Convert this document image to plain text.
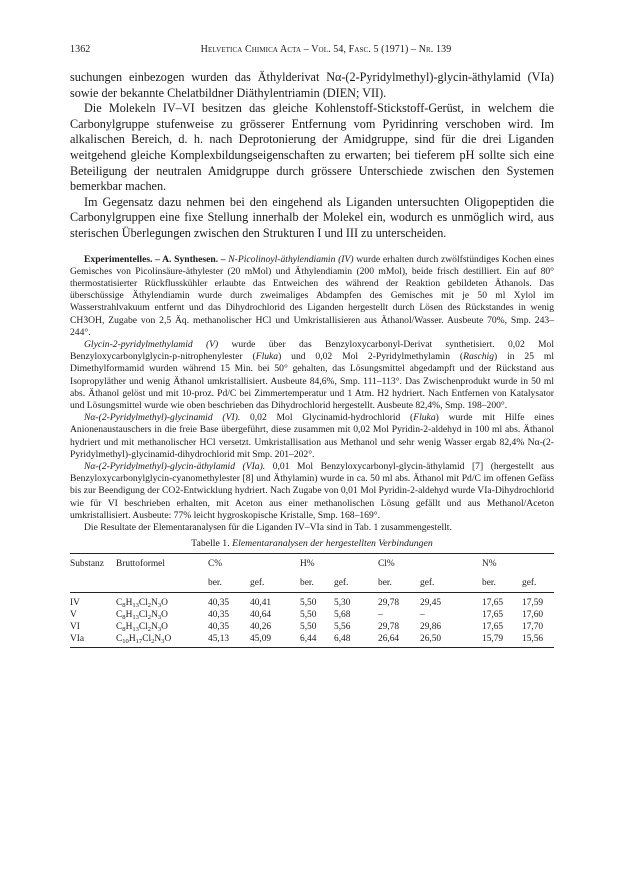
1362	Helvetica Chimica Acta – Vol. 54, Fasc. 5 (1971) – Nr. 139

suchungen einbezogen wurden das Äthylderivat Nα-(2-Pyridylmethyl)-glycin-äthylamid (VIa) sowie der bekannte Chelatbildner Diäthylentriamin (DIEN; VII).

Die Molekeln IV–VI besitzen das gleiche Kohlenstoff-Stickstoff-Gerüst, in welchem die Carbonylgruppe stufenweise zu grösserer Entfernung vom Pyridinring verschoben wird. Im alkalischen Bereich, d. h. nach Deprotonierung der Amidgruppe, sind für die drei Liganden weitgehend gleiche Komplexbildungseigenschaften zu erwarten; bei tieferem pH sollte sich eine Beteiligung der neutralen Amidgruppe durch grössere Unterschiede zwischen den Systemen bemerkbar machen.

Im Gegensatz dazu nehmen bei den eingehend als Liganden untersuchten Oligopeptiden die Carbonylgruppen eine fixe Stellung innerhalb der Molekel ein, wodurch es unmöglich wird, aus sterischen Überlegungen zwischen den Strukturen I und III zu unterscheiden.

Experimentelles. – A. Synthesen. – N-Picolinoyl-äthylendiamin (IV) wurde erhalten durch zwölfstündiges Kochen eines Gemisches von Picolinsäure-äthylester (20 mMol) und Äthylendiamin (200 mMol), beide frisch destilliert. Ein auf 80° thermostatisierter Rückflusskühler erlaubte das Entweichen des während der Reaktion gebildeten Äthanols. Das überschüssige Äthylendiamin wurde durch zweimaliges Abdampfen des Gemisches mit je 50 ml Xylol im Wasserstrahlvakuum entfernt und das Dihydrochlorid des Liganden hergestellt durch Lösen des Rückstandes in wenig CH3OH, Zugabe von 2,5 Äq. methanolischer HCl und Umkristallisieren aus Äthanol/Wasser. Ausbeute 70%, Smp. 243–244°.

Glycin-2-pyridylmethylamid (V) wurde über das Benzyloxycarbonyl-Derivat synthetisiert. 0,02 Mol Benzyloxycarbonylglycin-p-nitrophenylester (Fluka) und 0,02 Mol 2-Pyridylmethylamin (Raschig) in 25 ml Dimethylformamid wurden während 15 Min. bei 50° gehalten, das Lösungsmittel abgedampft und der Rückstand aus Isopropyläther und wenig Äthanol umkristallisiert. Ausbeute 84,6%, Smp. 111–113°. Das Zwischenprodukt wurde in 50 ml abs. Äthanol gelöst und mit 10-proz. Pd/C bei Zimmertemperatur und 1 Atm. H2 hydriert. Nach Entfernen von Katalysator und Lösungsmittel wurde wie oben beschrieben das Dihydrochlorid hergestellt. Ausbeute 82,4%, Smp. 198–200°.

Nα-(2-Pyridylmethyl)-glycinamid (VI). 0,02 Mol Glycinamid-hydrochlorid (Fluka) wurde mit Hilfe eines Anionenaustauschers in die freie Base übergeführt, diese zusammen mit 0,02 Mol Pyridin-2-aldehyd in 100 ml abs. Äthanol hydriert und mit methanolischer HCl versetzt. Umkristallisation aus Methanol und sehr wenig Wasser ergab 82,4% Nα-(2-Pyridylmethyl)-glycinamid-dihydrochlorid mit Smp. 201–202°.

Nα-(2-Pyridylmethyl)-glycin-äthylamid (VIa). 0,01 Mol Benzyloxycarbonyl-glycin-äthylamid [7] (hergestellt aus Benzyloxycarbonylglycin-cyanomethylester [8] und Äthylamin) wurde in ca. 50 ml abs. Äthanol mit Pd/C im offenen Gefäss bis zur Beendigung der CO2-Entwicklung hydriert. Nach Zugabe von 0,01 Mol Pyridin-2-aldehyd wurde VIa-Dihydrochlorid wie für VI beschrieben erhalten, mit Aceton aus einer methanolischen Lösung gefällt und aus Methanol/Aceton umkristallisiert. Ausbeute: 77% leicht hygroskopische Kristalle, Smp. 168–169°.

Die Resultate der Elementaranalysen für die Liganden IV–VIa sind in Tab. 1 zusammengestellt.

Tabelle 1. Elementaranalysen der hergestellten Verbindungen
Substanz	Bruttoformel	C%		H%		Cl%		N%	
		ber.	gef.	ber.	gef.	ber.	gef.	ber.	gef.

IV	$C_8H_{13}Cl_2N_3O$	40,35	40,41	5,50	5,30	29,78	29,45	17,65	17,59
V	$C_8H_{13}Cl_2N_3O$	40,35	40,64	5,50	5,68	–	–	17,65	17,60
VI	$C_8H_{13}Cl_2N_3O$	40,35	40,26	5,50	5,56	29,78	29,86	17,65	17,70
VIa	$C_{10}H_{17}Cl_2N_3O$	45,13	45,09	6,44	6,48	26,64	26,50	15,79	15,56
